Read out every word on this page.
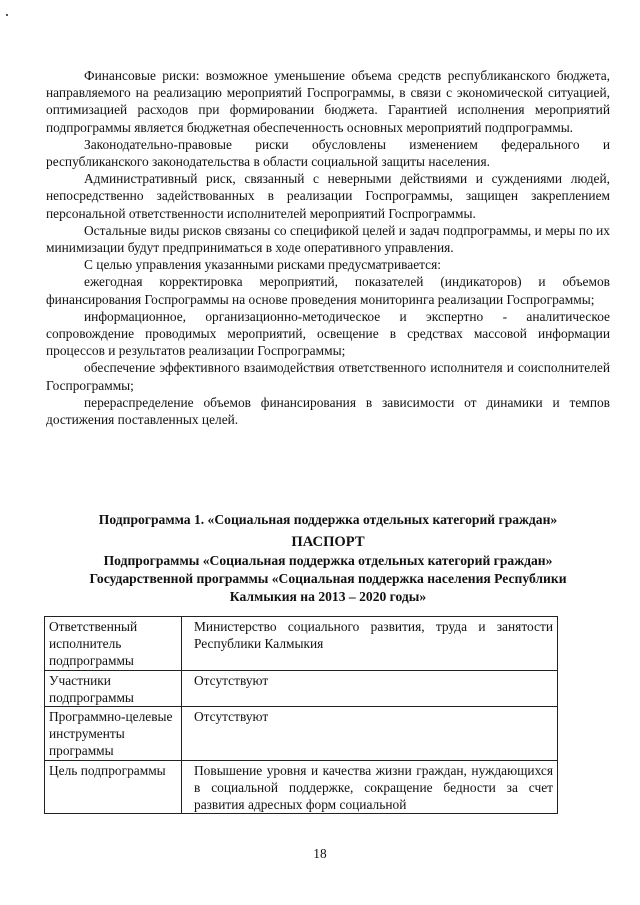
Финансовые риски: возможное уменьшение объема средств республиканского бюджета, направляемого на реализацию мероприятий Госпрограммы, в связи с экономической ситуацией, оптимизацией расходов при формировании бюджета. Гарантией исполнения мероприятий подпрограммы является бюджетная обеспеченность основных мероприятий подпрограммы.

Законодательно-правовые риски обусловлены изменением федерального и республиканского законодательства в области социальной защиты населения.

Административный риск, связанный с неверными действиями и суждениями людей, непосредственно задействованных в реализации Госпрограммы, защищен закреплением персональной ответственности исполнителей мероприятий Госпрограммы.

Остальные виды рисков связаны со спецификой целей и задач подпрограммы, и меры по их минимизации будут предприниматься в ходе оперативного управления.

С целью управления указанными рисками предусматривается:

ежегодная корректировка мероприятий, показателей (индикаторов) и объемов финансирования Госпрограммы на основе проведения мониторинга реализации Госпрограммы;

информационное, организационно-методическое и экспертно - аналитическое сопровождение проводимых мероприятий, освещение в средствах массовой информации процессов и результатов реализации Госпрограммы;

обеспечение эффективного взаимодействия ответственного исполнителя и соисполнителей Госпрограммы;

перераспределение объемов финансирования в зависимости от динамики и темпов достижения поставленных целей.

Подпрограмма 1. «Социальная поддержка отдельных категорий граждан»
ПАСПОРТ
Подпрограммы «Социальная поддержка отдельных категорий граждан»
Государственной программы «Социальная поддержка населения Республики
Калмыкия на 2013 – 2020 годы»
Ответственный исполнитель подпрограммы	Министерство социального развития, труда и занятости Республики Калмыкия
Участники подпрограммы	Отсутствуют
Программно-целевые инструменты программы	Отсутствуют
Цель подпрограммы	Повышение уровня и качества жизни граждан, нуждающихся в социальной поддержке, сокращение бедности за счет развития адресных форм социальной
18
